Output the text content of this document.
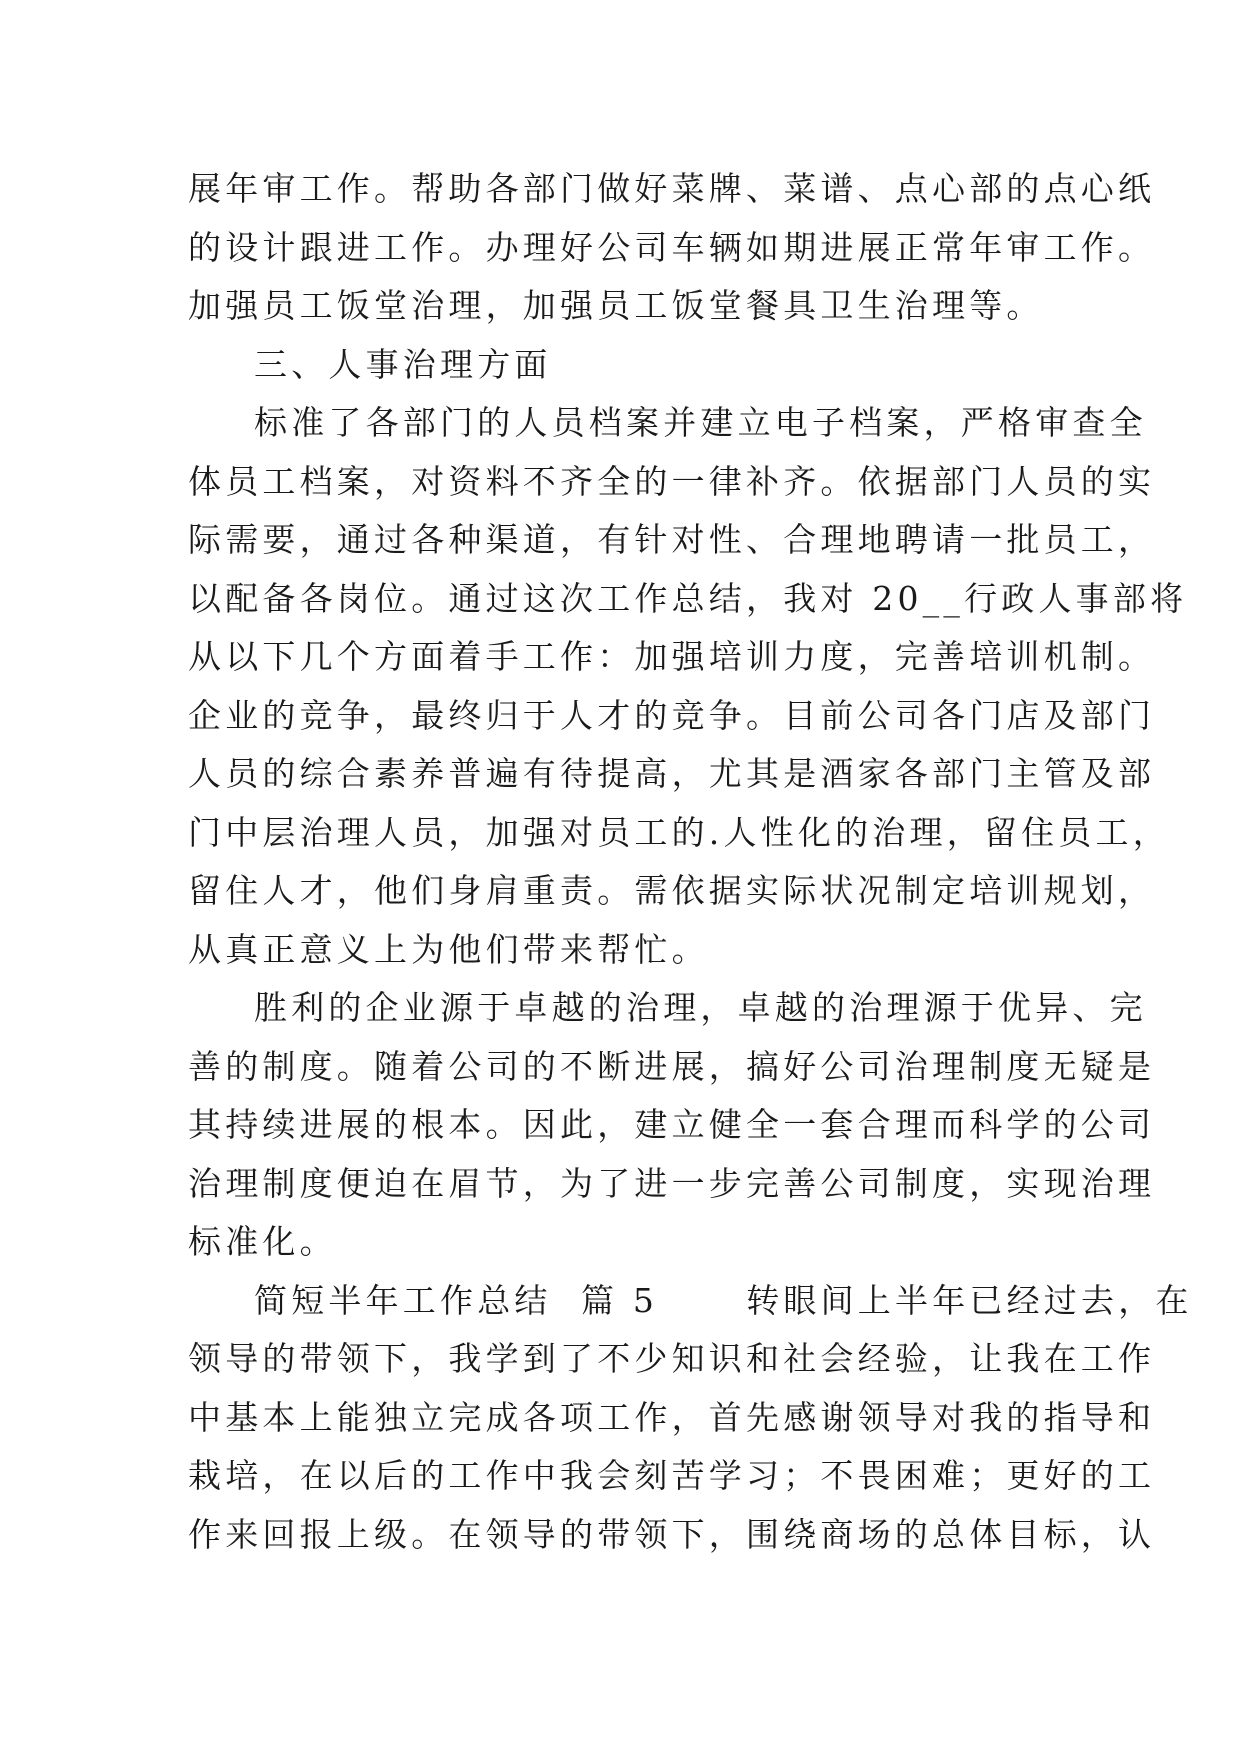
展年审工作。帮助各部门做好菜牌、菜谱、点心部的点心纸
的设计跟进工作。办理好公司车辆如期进展正常年审工作。
加强员工饭堂治理，加强员工饭堂餐具卫生治理等。
三、人事治理方面
标准了各部门的人员档案并建立电子档案，严格审查全
体员工档案，对资料不齐全的一律补齐。依据部门人员的实
际需要，通过各种渠道，有针对性、合理地聘请一批员工，
以配备各岗位。通过这次工作总结，我对 20__行政人事部将
从以下几个方面着手工作：加强培训力度，完善培训机制。
企业的竞争，最终归于人才的竞争。目前公司各门店及部门
人员的综合素养普遍有待提高，尤其是酒家各部门主管及部
门中层治理人员，加强对员工的.人性化的治理，留住员工，
留住人才，他们身肩重责。需依据实际状况制定培训规划，
从真正意义上为他们带来帮忙。
胜利的企业源于卓越的治理，卓越的治理源于优异、完
善的制度。随着公司的不断进展，搞好公司治理制度无疑是
其持续进展的根本。因此，建立健全一套合理而科学的公司
治理制度便迫在眉节，为了进一步完善公司制度，实现治理
标准化。
简短半年工作总结  篇 5      转眼间上半年已经过去，在
领导的带领下，我学到了不少知识和社会经验，让我在工作
中基本上能独立完成各项工作，首先感谢领导对我的指导和
栽培，在以后的工作中我会刻苦学习；不畏困难；更好的工
作来回报上级。在领导的带领下，围绕商场的总体目标，认
